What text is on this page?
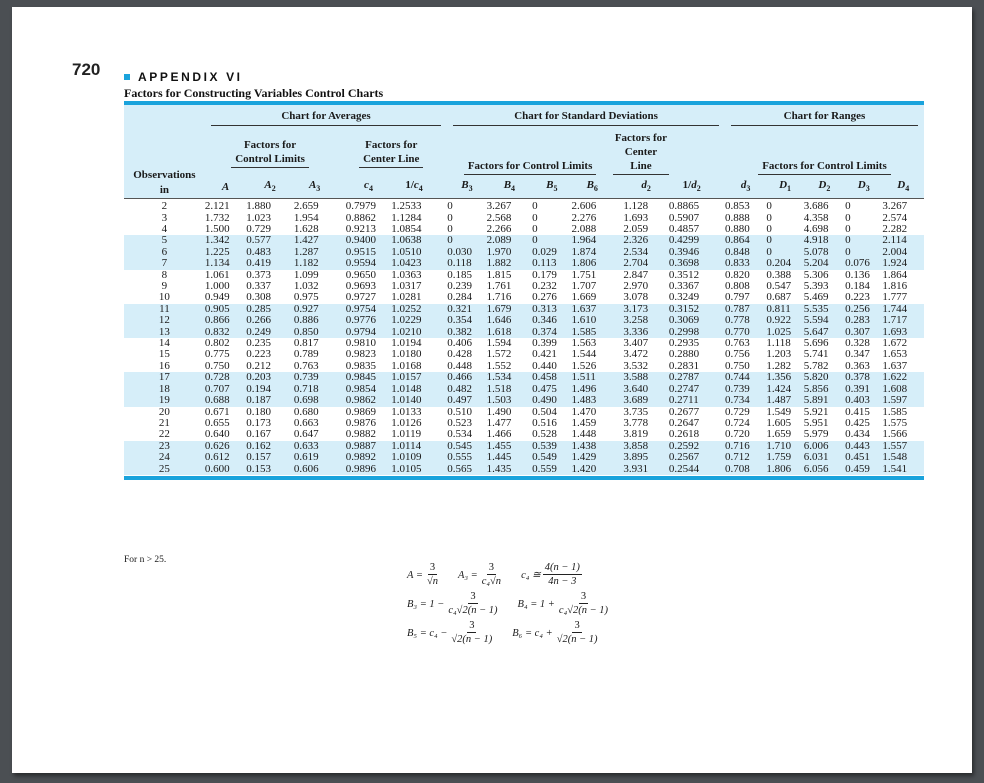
720	APPENDIX VI
Factors for Constructing Variables Control Charts
Observations
in	Chart for Averages							Chart for Standard Deviations								Chart for Ranges				

	Factors for
Control Limits				Factors for
Center Line			Factors for Control Limits				Factors for
Center Line				Factors for Control Limits				
	A	$A_2$	$A_3$		$c_4$	$1/c_4$		$B_3$	$B_4$	$B_5$	$B_6$		$d_2$	$1/d_2$		$d_3$	$D_1$	$D_2$	$D_3$	$D_4$
2	2.121	1.880	2.659		0.7979	1.2533		0	3.267	0	2.606		1.128	0.8865		0.853	0	3.686	0	3.267
3	1.732	1.023	1.954		0.8862	1.1284		0	2.568	0	2.276		1.693	0.5907		0.888	0	4.358	0	2.574
4	1.500	0.729	1.628		0.9213	1.0854		0	2.266	0	2.088		2.059	0.4857		0.880	0	4.698	0	2.282
5	1.342	0.577	1.427		0.9400	1.0638		0	2.089	0	1.964		2.326	0.4299		0.864	0	4.918	0	2.114
6	1.225	0.483	1.287		0.9515	1.0510		0.030	1.970	0.029	1.874		2.534	0.3946		0.848	0	5.078	0	2.004
7	1.134	0.419	1.182		0.9594	1.0423		0.118	1.882	0.113	1.806		2.704	0.3698		0.833	0.204	5.204	0.076	1.924
8	1.061	0.373	1.099		0.9650	1.0363		0.185	1.815	0.179	1.751		2.847	0.3512		0.820	0.388	5.306	0.136	1.864
9	1.000	0.337	1.032		0.9693	1.0317		0.239	1.761	0.232	1.707		2.970	0.3367		0.808	0.547	5.393	0.184	1.816
10	0.949	0.308	0.975		0.9727	1.0281		0.284	1.716	0.276	1.669		3.078	0.3249		0.797	0.687	5.469	0.223	1.777
11	0.905	0.285	0.927		0.9754	1.0252		0.321	1.679	0.313	1.637		3.173	0.3152		0.787	0.811	5.535	0.256	1.744
12	0.866	0.266	0.886		0.9776	1.0229		0.354	1.646	0.346	1.610		3.258	0.3069		0.778	0.922	5.594	0.283	1.717
13	0.832	0.249	0.850		0.9794	1.0210		0.382	1.618	0.374	1.585		3.336	0.2998		0.770	1.025	5.647	0.307	1.693
14	0.802	0.235	0.817		0.9810	1.0194		0.406	1.594	0.399	1.563		3.407	0.2935		0.763	1.118	5.696	0.328	1.672
15	0.775	0.223	0.789		0.9823	1.0180		0.428	1.572	0.421	1.544		3.472	0.2880		0.756	1.203	5.741	0.347	1.653
16	0.750	0.212	0.763		0.9835	1.0168		0.448	1.552	0.440	1.526		3.532	0.2831		0.750	1.282	5.782	0.363	1.637
17	0.728	0.203	0.739		0.9845	1.0157		0.466	1.534	0.458	1.511		3.588	0.2787		0.744	1.356	5.820	0.378	1.622
18	0.707	0.194	0.718		0.9854	1.0148		0.482	1.518	0.475	1.496		3.640	0.2747		0.739	1.424	5.856	0.391	1.608
19	0.688	0.187	0.698		0.9862	1.0140		0.497	1.503	0.490	1.483		3.689	0.2711		0.734	1.487	5.891	0.403	1.597
20	0.671	0.180	0.680		0.9869	1.0133		0.510	1.490	0.504	1.470		3.735	0.2677		0.729	1.549	5.921	0.415	1.585
21	0.655	0.173	0.663		0.9876	1.0126		0.523	1.477	0.516	1.459		3.778	0.2647		0.724	1.605	5.951	0.425	1.575
22	0.640	0.167	0.647		0.9882	1.0119		0.534	1.466	0.528	1.448		3.819	0.2618		0.720	1.659	5.979	0.434	1.566
23	0.626	0.162	0.633		0.9887	1.0114		0.545	1.455	0.539	1.438		3.858	0.2592		0.716	1.710	6.006	0.443	1.557
24	0.612	0.157	0.619		0.9892	1.0109		0.555	1.445	0.549	1.429		3.895	0.2567		0.712	1.759	6.031	0.451	1.548
25	0.600	0.153	0.606		0.9896	1.0105		0.565	1.435	0.559	1.420		3.931	0.2544		0.708	1.806	6.056	0.459	1.541
For n > 25.
$A = \frac{3}{√n} A_3 = \frac{3}{\text{c₄√n}} c_4$ ≅ $\frac{4(n - 1)}{4n - 3}$
$B_3 = 1 - \frac{3}{\text{c₄√2(n − 1)}} B_4 = 1 + \frac{3}{\text{c₄√2(n − 1)}}$
$B_5 = c_4 - \frac{3}{√2(n - 1)} B_6 = c_4 + \frac{3}{√2(n - 1)}$
